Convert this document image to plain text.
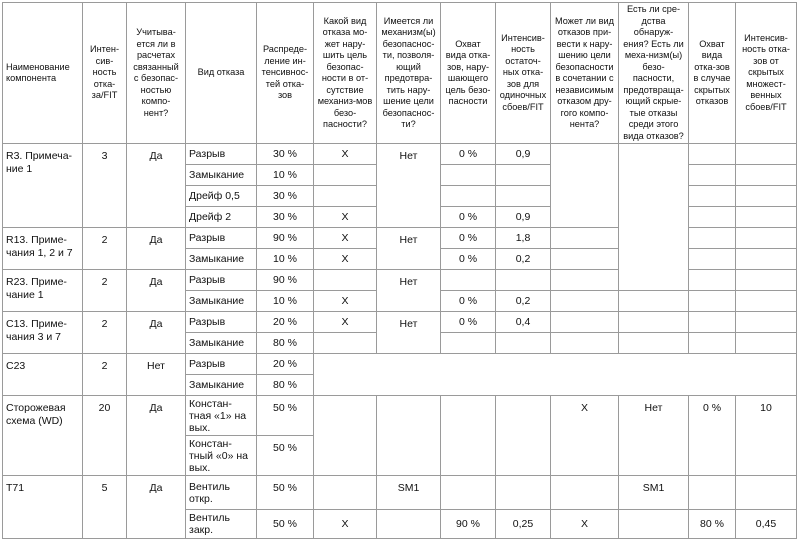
Наименование компонента	Интен-сив-ность отка-за/FIT	Учитыва-ется ли в расчетах связанный с безопас-ностью компо-нент?	Вид отказа	Распреде-ление ин-тенсивнос-тей отка-зов	Какой вид отказа мо-жет нару-шить цель безопас-ности в от-сутствие механиз-мов безо-пасности?	Имеется ли механизм(ы) безопаснос-ти, позволя-ющий предотвра-тить нару-шение цели безопаснос-ти?	Охват вида отка-зов, нару-шающего цель безо-пасности	Интенсив-ность остаточ-ных отка-зов для одиночных сбоев/FIT	Может ли вид отказов при-вести к нару-шению цели безопасности в сочетании с независимым отказом дру-гого компо-нента?	Есть ли сре-дства обнаруж-ения? Есть ли меха-низм(ы) безо-пасности, предотвраща-ющий скрые-тые отказы среди этого вида отказов?	Охват вида отка-зов в случае скрытых отказов	Интенсив-ность отка-зов от скрытых множест-венных сбоев/FIT	
R3. Примеча-ние 1	3	Да	Разрыв	30 %	X	Нет	0 %	0,9					
			Замыкание	10 %									
			Дрейф 0,5	30 %									
			Дрейф 2	30 %	X		0 %	0,9					
R13. Приме-чания 1, 2 и 7	2	Да	Разрыв	90 %	X	Нет	0 %	1,8					
			Замыкание	10 %	X		0 %	0,2					
R23. Приме-чание 1	2	Да	Разрыв	90 %		Нет							
			Замыкание	10 %	X		0 %	0,2					
C13. Приме-чания 3 и 7	2	Да	Разрыв	20 %	X	Нет	0 %	0,4					
			Замыкание	80 %									
C23	2	Нет	Разрыв	20 %									
			Замыкание	80 %									
Сторожевая схема (WD)	20	Да	Констан-тная «1» на вых.	50 %					X	Нет	0 %	10	
			Констан-тный «0» на вых.	50 %									
T71	5	Да	Вентиль откр.	50 %		SM1				SM1			
			Вентиль закр.	50 %	X		90 %	0,25	X		80 %	0,45	
